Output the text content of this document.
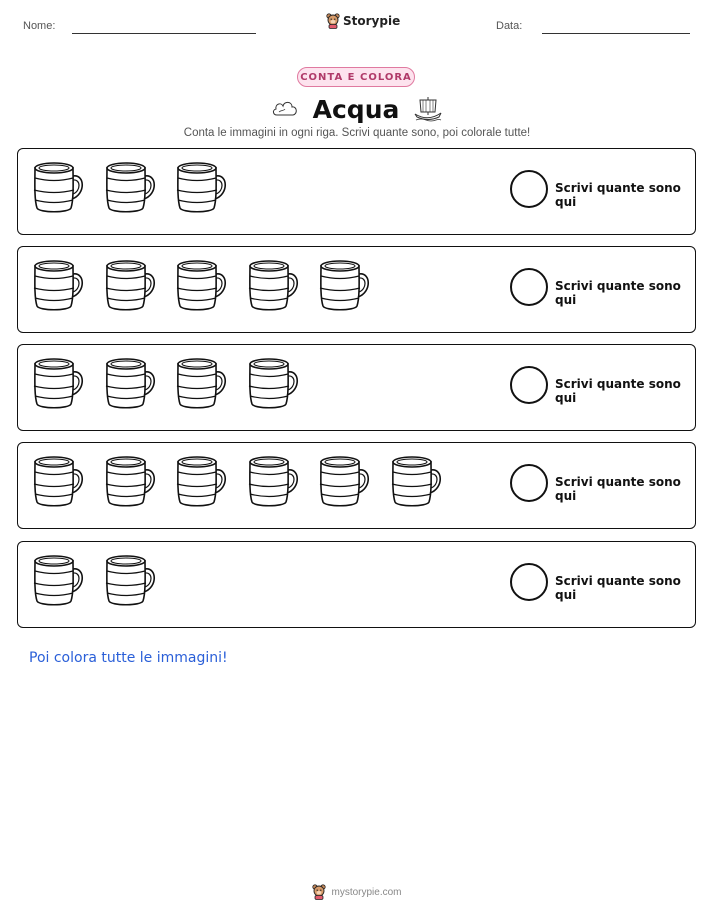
Nome:	Storypie	Data:
CONTA E COLORA
Acqua
Conta le immagini in ogni riga. Scrivi quante sono, poi colorale tutte!
Scrivi quante sono qui
Scrivi quante sono qui
Scrivi quante sono qui
Scrivi quante sono qui
Scrivi quante sono qui
Poi colora tutte le immagini!
mystorypie.com
